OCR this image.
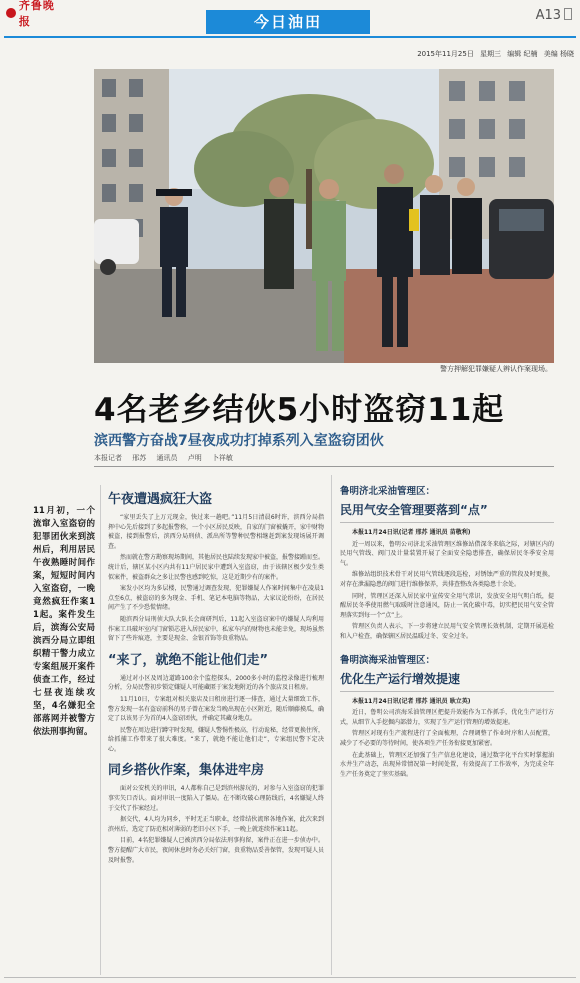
齐鲁晚报	今日油田	A13
2015年11月25日 星期三 编辑 纪楠 美编 杨晓
警方押解犯罪嫌疑人辨认作案现场。
4名老乡结伙5小时盗窃11起
滨西警方奋战7昼夜成功打掉系列入室盗窃团伙
本报记者 邢苏 通讯员 卢明 卜祥敏
11月初，一个流窜入室盗窃的犯罪团伙来到滨州后，利用居民午夜熟睡时间作案，短短时间内入室盗窃，一晚竟然疯狂作案11起。案件发生后，滨海公安局滨西分局立即组织精干警力成立专案组展开案件侦查工作，经过七昼夜连续攻坚，4名嫌犯全部落网并被警方依法刑事拘留。
午夜遭遇疯狂大盗

“家里丢失了上万元现金，快过来一趟吧。”11月5日清晨6时许，滨西分局指挥中心先后接到了多起报警称，一个小区居民反映，自家的门窗被撬开，家中财物被盗，接到报警后，滨西分局刑侦、派出所等警种民警相继赶到案发现场展开调查。

然而就在警方勘察现场期间，其他居民也陆续发现家中被盗，报警接踵而至。统计后，辖区某小区内共有11户居民家中遭到入室盗窃，由于该辖区极少发生类似案件，被盗群众之多让民警也感到吃惊，这是近期少有的案件。

案发小区均为多层楼，民警通过调查发现，犯罪嫌疑人作案时间集中在凌晨1点至6点，被盗窃的多为现金、手机、笔记本电脑等物品，大家议论纷纷，在居民间产生了不少恐慌情绪。

随滨西分局刑侦大队大队长会商研判后，11起入室盗窃案中的嫌疑人均利用作案工具破坏室内门窗锁芯进入居民家中，私家车内的财物也未能幸免，现场虽然留下了些许痕迹，主要是现金、金银首饰等贵重物品。

“来了，就绝不能让他们走”

通过对小区及周边道路100余个监控探头、2000多小时的监控录像进行梳理分析，分局民警初步锁定嫌疑人可能藏匿于案发地附近的各个旅店及日租房。

11月10日，专案组对相关旅店及日租房进行逐一排查，通过大量细致工作，警方发现一名有盗窃前科的男子曾在案发当晚出现在小区附近，随后顺藤摸瓜，确定了以该男子为首的4人盗窃团伙，并确定其藏身地点。

民警在周边进行蹲守时发现，嫌疑人警惕性极高，行动诡秘，经常更换住所，给抓捕工作带来了很大难度。“来了，就绝不能让他们走”，专案组民警下定决心。

同乡搭伙作案，集体进牢房

面对公安机关的审讯，4人都称自己是到滨州游玩的，对参与入室盗窃的犯罪事实矢口否认。面对审讯一度陷入了僵局。在不断攻破心理防线后，4名嫌疑人终于交代了作案经过。

据交代，4人均为同乡，平时无正当职业，经常结伙流窜各地作案，此次来到滨州后，选定了防范相对薄弱的老旧小区下手，一晚上就连续作案11起。

目前，4名犯罪嫌疑人已被滨西分局依法刑事拘留，案件正在进一步侦办中。警方提醒广大市民，夜间休息时务必关好门窗，贵重物品妥善保管，发现可疑人员及时报警。

鲁明济北采油管理区：
民用气安全管理要落到“点”

本报11月24日讯(记者 邢苏 通讯员 苗敬利)

近一周以来，鲁明公司济北采油管理区维修站借深冬来临之际，对辖区内的民用气管线、阀门及计量装置开展了全面安全隐患排查，确保居民冬季安全用气。

维修站组织技术骨干对民用气管线逐段巡检，对锈蚀严重的管段及时更换，对存在泄漏隐患的阀门进行维修保养，共排查整改各类隐患十余处。

同时，管理区还深入居民家中宣传安全用气常识，发放安全用气明白纸，提醒居民冬季使用燃气取暖时注意通风，防止一氧化碳中毒，切实把民用气安全管理落实到每一个“点”上。

管理区负责人表示，下一步将建立民用气安全管理长效机制，定期开展巡检和入户检查，确保辖区居民温暖过冬、安全过冬。

鲁明滨海采油管理区：
优化生产运行增效提速

本报11月24日讯(记者 邢苏 通讯员 耿立英)

近日，鲁明公司滨海采油管理区把提升效能作为工作抓手，优化生产运行方式，从细节入手挖掘内部潜力，实现了生产运行管理的增效提速。

管理区对现有生产流程进行了全面梳理，合理调整了作业时序和人员配置，减少了不必要的等待时间，使各项生产任务衔接更加紧密。

在此基础上，管理区还加强了生产信息化建设，通过数字化平台实时掌握油水井生产动态，出现异常情况第一时间处置，有效提高了工作效率，为完成全年生产任务奠定了坚实基础。
